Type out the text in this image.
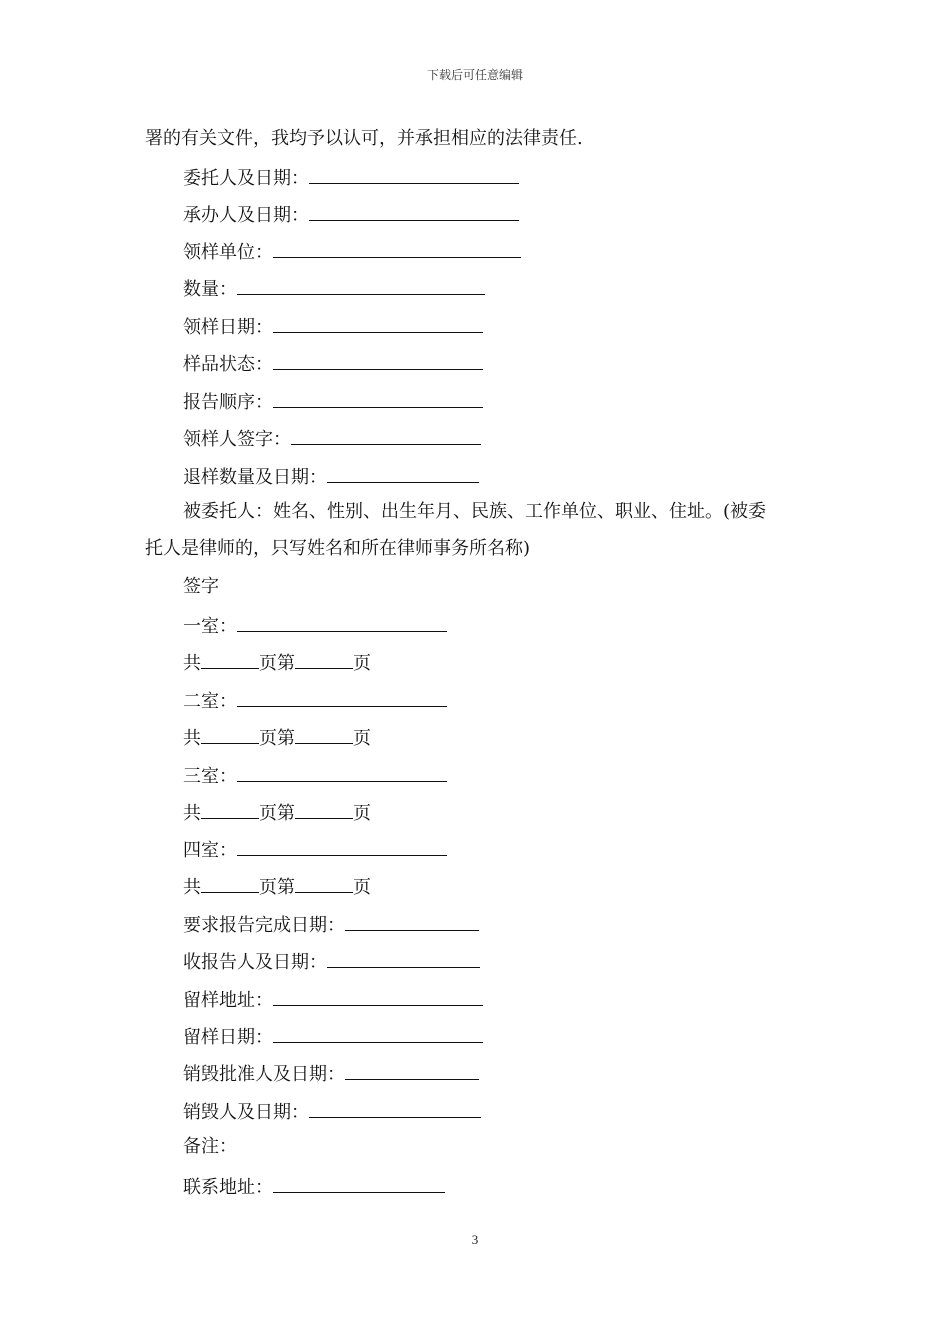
下载后可任意编辑
署的有关文件，我均予以认可，并承担相应的法律责任.
委托人及日期：
承办人及日期：
领样单位：
数量：
领样日期：
样品状态：
报告顺序：
领样人签字：
退样数量及日期：
被委托人：姓名、性别、出生年月、民族、工作单位、职业、住址。(被委
托人是律师的，只写姓名和所在律师事务所名称)
签字
一室：
共	页第	页
二室：
共	页第	页
三室：
共	页第	页
四室：
共	页第	页
要求报告完成日期：
收报告人及日期：
留样地址：
留样日期：
销毁批准人及日期：
销毁人及日期：
备注：
联系地址：
3
